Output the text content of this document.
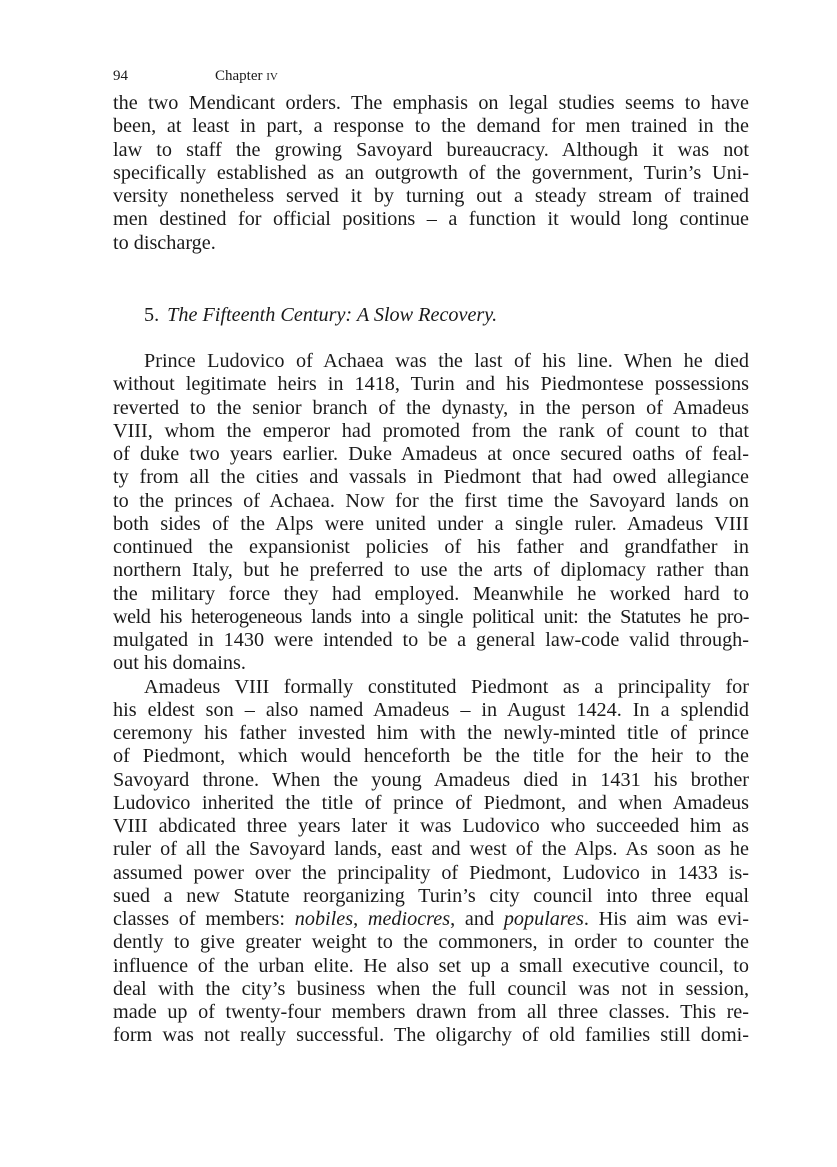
94	Chapter iv
the two Mendicant orders. The emphasis on legal studies seems to have
been, at least in part, a response to the demand for men trained in the
law to staff the growing Savoyard bureaucracy. Although it was not
specifically established as an outgrowth of the government, Turin’s Uni-
versity nonetheless served it by turning out a steady stream of trained
men destined for official positions – a function it would long continue
to discharge.
5. The Fifteenth Century: A Slow Recovery.
Prince Ludovico of Achaea was the last of his line. When he died
without legitimate heirs in 1418, Turin and his Piedmontese possessions
reverted to the senior branch of the dynasty, in the person of Amadeus
VIII, whom the emperor had promoted from the rank of count to that
of duke two years earlier. Duke Amadeus at once secured oaths of feal-
ty from all the cities and vassals in Piedmont that had owed allegiance
to the princes of Achaea. Now for the first time the Savoyard lands on
both sides of the Alps were united under a single ruler. Amadeus VIII
continued the expansionist policies of his father and grandfather in
northern Italy, but he preferred to use the arts of diplomacy rather than
the military force they had employed. Meanwhile he worked hard to
weld his heterogeneous lands into a single political unit: the Statutes he pro-
mulgated in 1430 were intended to be a general law-code valid through-
out his domains.
Amadeus VIII formally constituted Piedmont as a principality for
his eldest son – also named Amadeus – in August 1424. In a splendid
ceremony his father invested him with the newly-minted title of prince
of Piedmont, which would henceforth be the title for the heir to the
Savoyard throne. When the young Amadeus died in 1431 his brother
Ludovico inherited the title of prince of Piedmont, and when Amadeus
VIII abdicated three years later it was Ludovico who succeeded him as
ruler of all the Savoyard lands, east and west of the Alps. As soon as he
assumed power over the principality of Piedmont, Ludovico in 1433 is-
sued a new Statute reorganizing Turin’s city council into three equal
classes of members: nobiles, mediocres, and populares. His aim was evi-
dently to give greater weight to the commoners, in order to counter the
influence of the urban elite. He also set up a small executive council, to
deal with the city’s business when the full council was not in session,
made up of twenty-four members drawn from all three classes. This re-
form was not really successful. The oligarchy of old families still domi-
